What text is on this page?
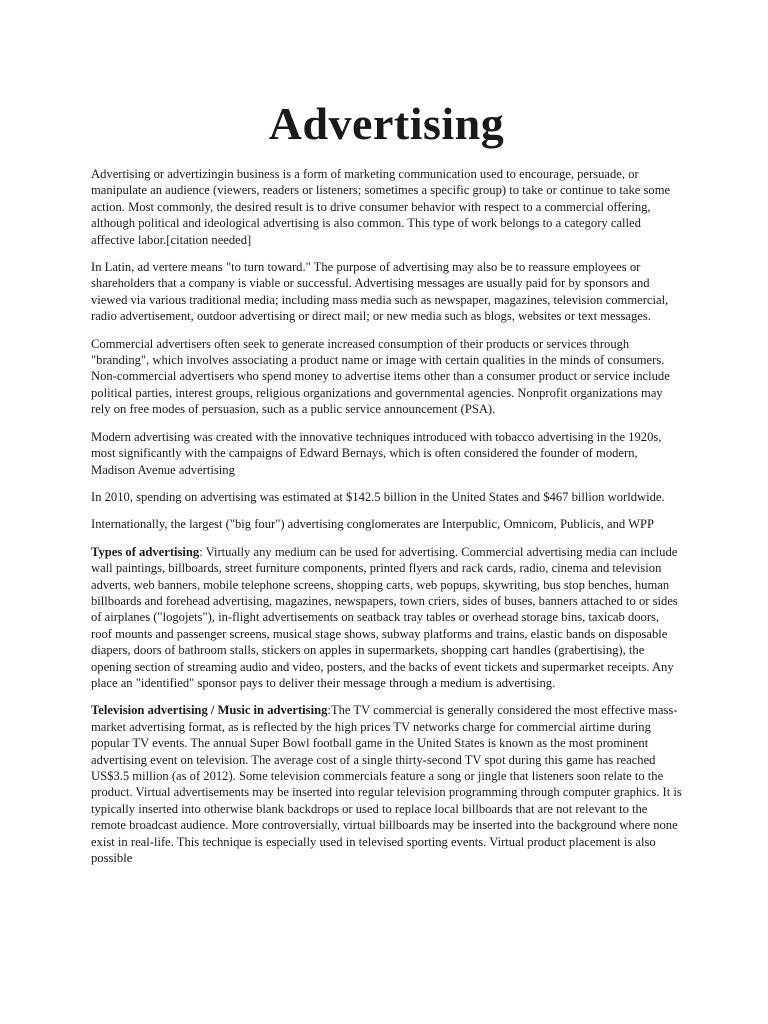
Advertising

Advertising or advertizingin business is a form of marketing communication used to encourage, persuade, or manipulate an audience (viewers, readers or listeners; sometimes a specific group) to take or continue to take some action. Most commonly, the desired result is to drive consumer behavior with respect to a commercial offering, although political and ideological advertising is also common. This type of work belongs to a category called affective labor.[citation needed]

In Latin, ad vertere means "to turn toward." The purpose of advertising may also be to reassure employees or shareholders that a company is viable or successful. Advertising messages are usually paid for by sponsors and viewed via various traditional media; including mass media such as newspaper, magazines, television commercial, radio advertisement, outdoor advertising or direct mail; or new media such as blogs, websites or text messages.

Commercial advertisers often seek to generate increased consumption of their products or services through "branding", which involves associating a product name or image with certain qualities in the minds of consumers. Non-commercial advertisers who spend money to advertise items other than a consumer product or service include political parties, interest groups, religious organizations and governmental agencies. Nonprofit organizations may rely on free modes of persuasion, such as a public service announcement (PSA).

Modern advertising was created with the innovative techniques introduced with tobacco advertising in the 1920s, most significantly with the campaigns of Edward Bernays, which is often considered the founder of modern, Madison Avenue advertising

In 2010, spending on advertising was estimated at $142.5 billion in the United States and $467 billion worldwide.

Internationally, the largest ("big four") advertising conglomerates are Interpublic, Omnicom, Publicis, and WPP

Types of advertising: Virtually any medium can be used for advertising. Commercial advertising media can include wall paintings, billboards, street furniture components, printed flyers and rack cards, radio, cinema and television adverts, web banners, mobile telephone screens, shopping carts, web popups, skywriting, bus stop benches, human billboards and forehead advertising, magazines, newspapers, town criers, sides of buses, banners attached to or sides of airplanes ("logojets"), in-flight advertisements on seatback tray tables or overhead storage bins, taxicab doors, roof mounts and passenger screens, musical stage shows, subway platforms and trains, elastic bands on disposable diapers, doors of bathroom stalls, stickers on apples in supermarkets, shopping cart handles (grabertising), the opening section of streaming audio and video, posters, and the backs of event tickets and supermarket receipts. Any place an "identified" sponsor pays to deliver their message through a medium is advertising.

Television advertising / Music in advertising:The TV commercial is generally considered the most effective mass-market advertising format, as is reflected by the high prices TV networks charge for commercial airtime during popular TV events. The annual Super Bowl football game in the United States is known as the most prominent advertising event on television. The average cost of a single thirty-second TV spot during this game has reached US$3.5 million (as of 2012). Some television commercials feature a song or jingle that listeners soon relate to the product. Virtual advertisements may be inserted into regular television programming through computer graphics. It is typically inserted into otherwise blank backdrops or used to replace local billboards that are not relevant to the remote broadcast audience. More controversially, virtual billboards may be inserted into the background where none exist in real-life. This technique is especially used in televised sporting events. Virtual product placement is also possible
